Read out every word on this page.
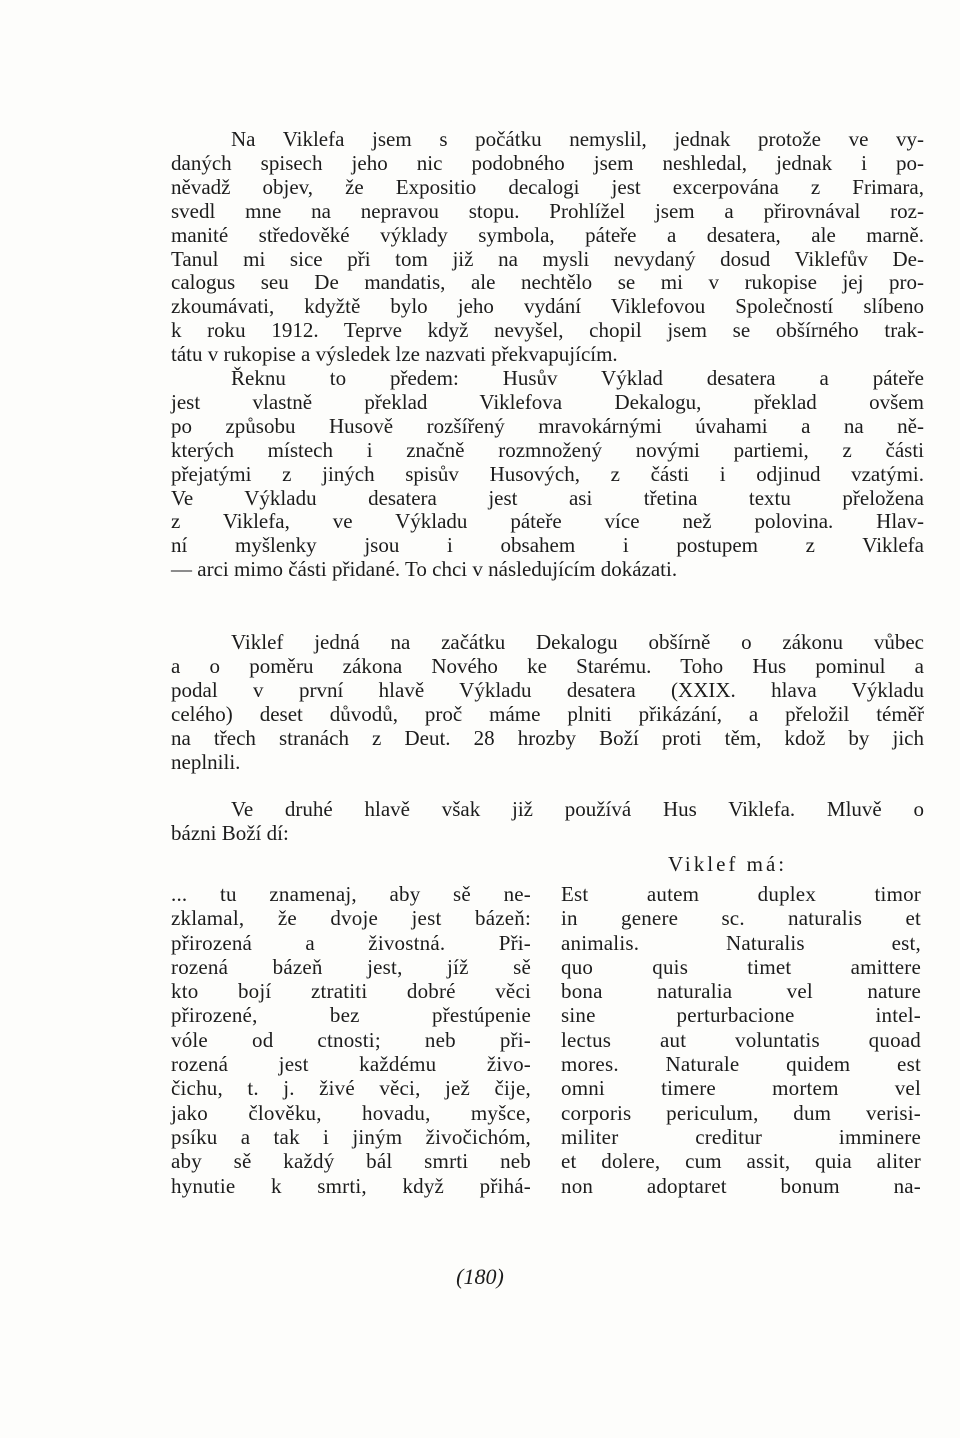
Na Viklefa jsem s počátku nemyslil, jednak protože ve vy-
daných spisech jeho nic podobného jsem neshledal, jednak i po-
něvadž objev, že Expositio decalogi jest excerpována z Frimara,
svedl mne na nepravou stopu. Prohlížel jsem a přirovnával roz-
manité středověké výklady symbola, páteře a desatera, ale marně.
Tanul mi sice při tom již na mysli nevydaný dosud Viklefův De-
calogus seu De mandatis, ale nechtělo se mi v rukopise jej pro-
zkoumávati, kdyžtě bylo jeho vydání Viklefovou Společností slíbeno
k roku 1912. Teprve když nevyšel, chopil jsem se obšírného trak-
tátu v rukopise a výsledek lze nazvati překvapujícím.
Řeknu to předem: Husův Výklad desatera a páteře
jest vlastně překlad Viklefova Dekalogu, překlad ovšem
po způsobu Husově rozšířený mravokárnými úvahami a na ně-
kterých místech i značně rozmnožený novými partiemi, z části
přejatými z jiných spisův Husových, z části i odjinud vzatými.
Ve Výkladu desatera jest asi třetina textu přeložena
z Viklefa, ve Výkladu páteře více než polovina. Hlav-
ní myšlenky jsou i obsahem i postupem z Viklefa
— arci mimo části přidané. To chci v následujícím dokázati.
Viklef jedná na začátku Dekalogu obšírně o zákonu vůbec
a o poměru zákona Nového ke Starému. Toho Hus pominul a
podal v první hlavě Výkladu desatera (XXIX. hlava Výkladu
celého) deset důvodů, proč máme plniti přikázání, a přeložil téměř
na třech stranách z Deut. 28 hrozby Boží proti těm, kdož by jich
neplnili.
Ve druhé hlavě však již používá Hus Viklefa. Mluvě o
bázni Boží dí:
Viklef má:
... tu znamenaj, aby sě ne-
zklamal, že dvoje jest bázeň:
přirozená a živostná. Při-
rozená bázeň jest, jíž sě
kto bojí ztratiti dobré věci
přirozené, bez přestúpenie
vóle od ctnosti; neb při-
rozená jest každému živo-
čichu, t. j. živé věci, jež čije,
jako člověku, hovadu, myšce,
psíku a tak i jiným živočichóm,
aby sě každý bál smrti neb
hynutie k smrti, když přihá-
Est autem duplex timor
in genere sc. naturalis et
animalis. Naturalis est,
quo quis timet amittere
bona naturalia vel nature
sine perturbacione intel-
lectus aut voluntatis quoad
mores. Naturale quidem est
omni timere mortem vel
corporis periculum, dum verisi-
militer creditur imminere
et dolere, cum assit, quia aliter
non adoptaret bonum na-
(180)
